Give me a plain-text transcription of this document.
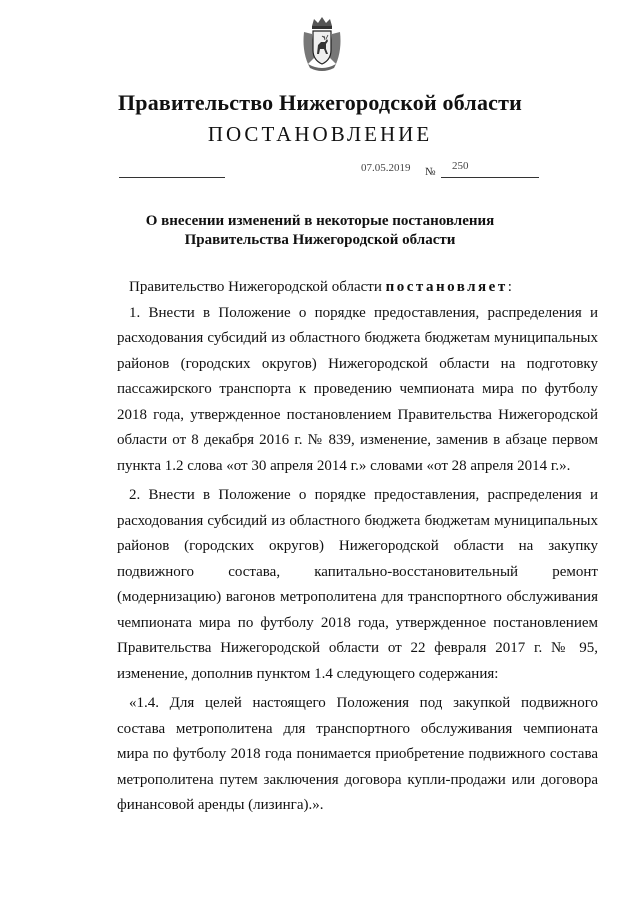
Правительство Нижегородской области
ПОСТАНОВЛЕНИЕ
07.05.2019 № 250
О внесении изменений в некоторые постановления
Правительства Нижегородской области

Правительство Нижегородской области постановляет:

1. Внести в Положение о порядке предоставления, распределения и расходования субсидий из областного бюджета бюджетам муниципальных районов (городских округов) Нижегородской области на подготовку пассажирского транспорта к проведению чемпионата мира по футболу 2018 года, утвержденное постановлением Правительства Нижегородской области от 8 декабря 2016 г. № 839, изменение, заменив в абзаце первом пункта 1.2 слова «от 30 апреля 2014 г.» словами «от 28 апреля 2014 г.».

2. Внести в Положение о порядке предоставления, распределения и расходования субсидий из областного бюджета бюджетам муниципальных районов (городских округов) Нижегородской области на закупку подвижного состава, капитально-восстановительный ремонт (модернизацию) вагонов метрополитена для транспортного обслуживания чемпионата мира по футболу 2018 года, утвержденное постановлением Правительства Нижегородской области от 22 февраля 2017 г. № 95, изменение, дополнив пунктом 1.4 следующего содержания:

«1.4. Для целей настоящего Положения под закупкой подвижного состава метрополитена для транспортного обслуживания чемпионата мира по футболу 2018 года понимается приобретение подвижного состава метрополитена путем заключения договора купли-продажи или договора финансовой аренды (лизинга).».
